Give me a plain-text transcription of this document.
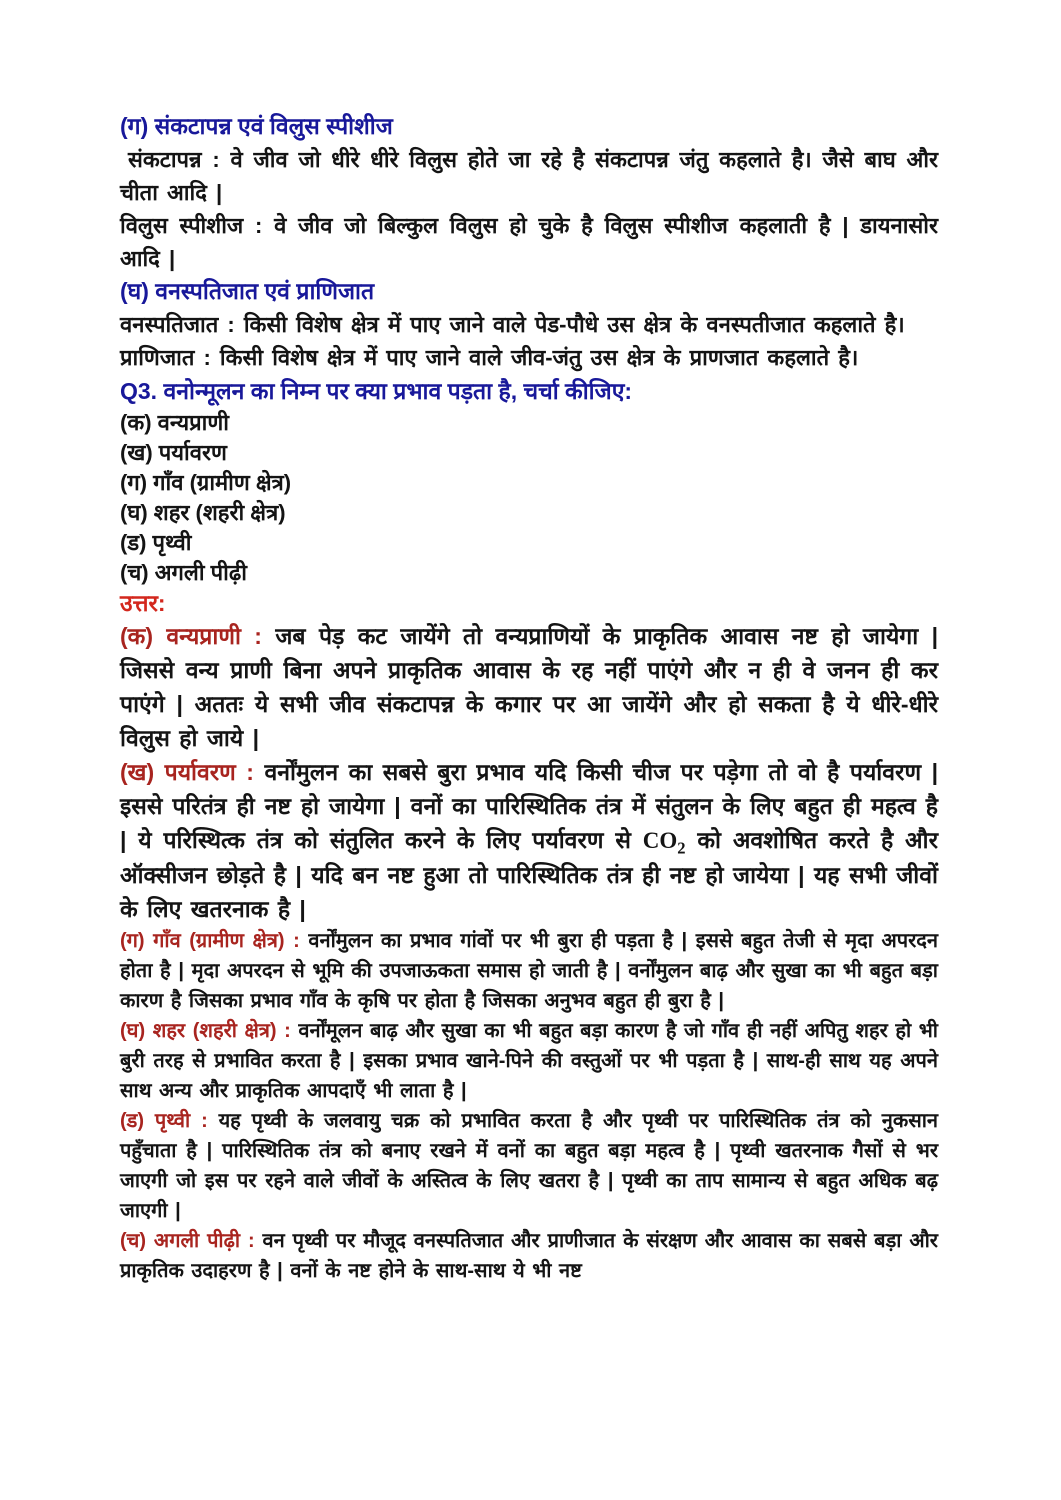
(ग) संकटापन्न एवं विलुस स्पीशीज

संकटापन्न : वे जीव जो धीरे धीरे विलुस होते जा रहे है संकटापन्न जंतु कहलाते है। जैसे बाघ और चीता आदि |

विलुस स्पीशीज : वे जीव जो बिल्कुल विलुस हो चुके है विलुस स्पीशीज कहलाती है | डायनासोर आदि |

(घ) वनस्पतिजात एवं प्राणिजात

वनस्पतिजात : किसी विशेष क्षेत्र में पाए जाने वाले पेड-पौधे उस क्षेत्र के वनस्पतीजात कहलाते है।

प्राणिजात : किसी विशेष क्षेत्र में पाए जाने वाले जीव-जंतु उस क्षेत्र के प्राणजात कहलाते है।

Q3. वनोन्मूलन का निम्न पर क्या प्रभाव पड़ता है, चर्चा कीजिए:

(क) वन्यप्राणी

(ख) पर्यावरण

(ग) गाँव (ग्रामीण क्षेत्र)

(घ) शहर (शहरी क्षेत्र)

(ड) पृथ्वी

(च) अगली पीढ़ी

उत्तर:

(क) वन्यप्राणी : जब पेड़ कट जायेंगे तो वन्यप्राणियों के प्राकृतिक आवास नष्ट हो जायेगा | जिससे वन्य प्राणी बिना अपने प्राकृतिक आवास के रह नहीं पाएंगे और न ही वे जनन ही कर पाएंगे | अततः ये सभी जीव संकटापन्न के कगार पर आ जायेंगे और हो सकता है ये धीरे-धीरे विलुस हो जाये |

(ख) पर्यावरण : वर्नोंमुलन का सबसे बुरा प्रभाव यदि किसी चीज पर पड़ेगा तो वो है पर्यावरण | इससे परितंत्र ही नष्ट हो जायेगा | वनों का पारिस्थितिक तंत्र में संतुलन के लिए बहुत ही महत्व है | ये परिस्थित्क तंत्र को संतुलित करने के लिए पर्यावरण से $CO_2$ को अवशोषित करते है और ऑक्सीजन छोड़ते है | यदि बन नष्ट हुआ तो पारिस्थितिक तंत्र ही नष्ट हो जायेया | यह सभी जीवों के लिए खतरनाक है |

(ग) गाँव (ग्रामीण क्षेत्र) : वर्नोंमुलन का प्रभाव गांवों पर भी बुरा ही पड़ता है | इससे बहुत तेजी से मृदा अपरदन होता है | मृदा अपरदन से भूमि की उपजाऊकता समास हो जाती है | वर्नोंमुलन बाढ़ और सुखा का भी बहुत बड़ा कारण है जिसका प्रभाव गाँव के कृषि पर होता है जिसका अनुभव बहुत ही बुरा है |

(घ) शहर (शहरी क्षेत्र) : वर्नोंमूलन बाढ़ और सुखा का भी बहुत बड़ा कारण है जो गाँव ही नहीं अपितु शहर हो भी बुरी तरह से प्रभावित करता है | इसका प्रभाव खाने-पिने की वस्तुओं पर भी पड़ता है | साथ-ही साथ यह अपने साथ अन्य और प्राकृतिक आपदाएँ भी लाता है |

(ड) पृथ्वी : यह पृथ्वी के जलवायु चक्र को प्रभावित करता है और पृथ्वी पर पारिस्थितिक तंत्र को नुकसान पहुँचाता है | पारिस्थितिक तंत्र को बनाए रखने में वनों का बहुत बड़ा महत्व है | पृथ्वी खतरनाक गैसों से भर जाएगी जो इस पर रहने वाले जीवों के अस्तित्व के लिए खतरा है | पृथ्वी का ताप सामान्य से बहुत अधिक बढ़ जाएगी |

(च) अगली पीढ़ी : वन पृथ्वी पर मौजूद वनस्पतिजात और प्राणीजात के संरक्षण और आवास का सबसे बड़ा और प्राकृतिक उदाहरण है | वनों के नष्ट होने के साथ-साथ ये भी नष्ट
